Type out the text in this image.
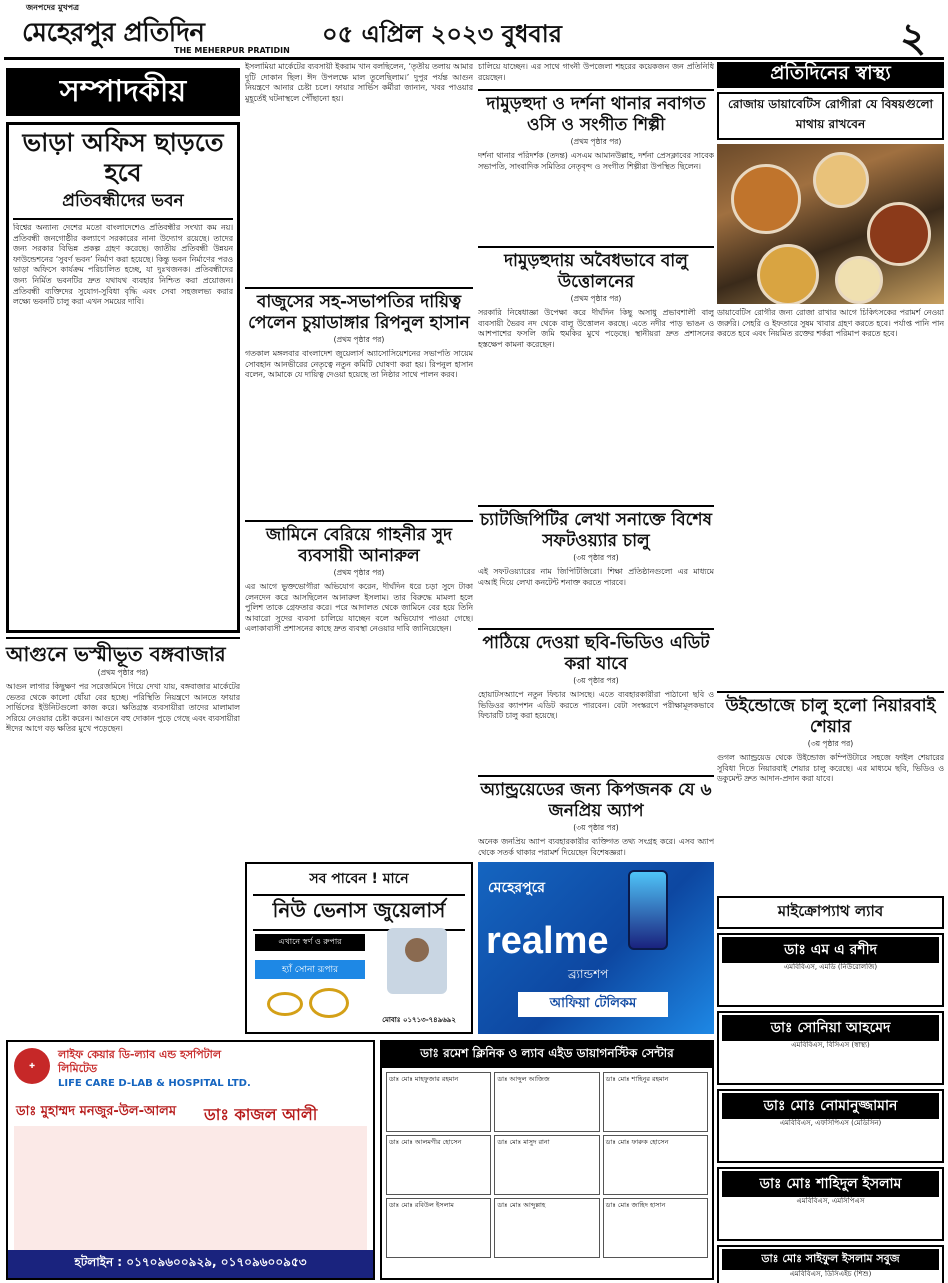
জনপদের মুখপত্র
মেহেরপুর প্রতিদিন
THE MEHERPUR PRATIDIN
০৫ এপ্রিল ২০২৩ বুধবার	২
সম্পাদকীয়
ভাড়া অফিস ছাড়তে হবে
প্রতিবন্ধীদের ভবন
বিশ্বের অন্যান্য দেশের মতো বাংলাদেশেও প্রতিবন্ধীর সংখ্যা কম নয়। প্রতিবন্ধী জনগোষ্ঠীর কল্যাণে সরকারের নানা উদ্যোগ রয়েছে। তাদের জন্য সরকার বিভিন্ন প্রকল্প গ্রহণ করেছে। জাতীয় প্রতিবন্ধী উন্নয়ন ফাউন্ডেশনের ‘সুবর্ণ ভবন’ নির্মাণ করা হয়েছে। কিন্তু ভবন নির্মাণের পরও ভাড়া অফিসে কার্যক্রম পরিচালিত হচ্ছে, যা দুঃখজনক। প্রতিবন্ধীদের জন্য নির্মিত ভবনটির দ্রুত যথাযথ ব্যবহার নিশ্চিত করা প্রয়োজন। প্রতিবন্ধী ব্যক্তিদের সুযোগ-সুবিধা বৃদ্ধি এবং সেবা সহজলভ্য করার লক্ষ্যে ভবনটি চালু করা এখন সময়ের দাবি।
আগুনে ভস্মীভূত বঙ্গবাজার
(প্রথম পৃষ্ঠার পর)
আগুন লাগার কিছুক্ষণ পর সরেজমিনে গিয়ে দেখা যায়, বঙ্গবাজার মার্কেটের ভেতর থেকে কালো ধোঁয়া বের হচ্ছে। পরিস্থিতি নিয়ন্ত্রণে আনতে ফায়ার সার্ভিসের ইউনিটগুলো কাজ করে। ক্ষতিগ্রস্ত ব্যবসায়ীরা তাদের মালামাল সরিয়ে নেওয়ার চেষ্টা করেন। আগুনে বহু দোকান পুড়ে গেছে এবং ব্যবসায়ীরা ঈদের আগে বড় ক্ষতির মুখে পড়েছেন।
ইসলামিয়া মার্কেটের ব্যবসায়ী ইকরাম খান বলছিলেন, ‘তৃতীয় তলায় আমার দুটি দোকান ছিল। ঈদ উপলক্ষে মাল তুলেছিলাম।’ দুপুর পর্যন্ত আগুন নিয়ন্ত্রণে আনার চেষ্টা চলে। ফায়ার সার্ভিস কর্মীরা জানান, খবর পাওয়ার মুহূর্তেই ঘটনাস্থলে পৌঁছানো হয়।
বাজুসের সহ-সভাপতির দায়িত্ব পেলেন চুয়াডাঙ্গার রিপনুল হাসান
(প্রথম পৃষ্ঠার পর)
গতকাল মঙ্গলবার বাংলাদেশ জুয়েলার্স অ্যাসোসিয়েশনের সভাপতি সায়েম সোবহান আনভীরের নেতৃত্বে নতুন কমিটি ঘোষণা করা হয়। রিপনুল হাসান বলেন, আমাকে যে দায়িত্ব দেওয়া হয়েছে তা নিষ্ঠার সাথে পালন করব।
জামিনে বেরিয়ে গাহনীর সুদ ব্যবসায়ী আনারুল
(প্রথম পৃষ্ঠার পর)
এর আগে ভুক্তভোগীরা অভিযোগ করেন, দীর্ঘদিন ধরে চড়া সুদে টাকা লেনদেন করে আসছিলেন আনারুল ইসলাম। তার বিরুদ্ধে মামলা হলে পুলিশ তাকে গ্রেফতার করে। পরে আদালত থেকে জামিনে বের হয়ে তিনি আবারো সুদের ব্যবসা চালিয়ে যাচ্ছেন বলে অভিযোগ পাওয়া গেছে। এলাকাবাসী প্রশাসনের কাছে দ্রুত ব্যবস্থা নেওয়ার দাবি জানিয়েছেন।
চালিয়ে যাচ্ছেন। এর সাথে গাংনী উপজেলা শহরের কয়েকজন জন প্রতিনিধি রয়েছেন।
দামুড়হুদা ও দর্শনা থানার নবাগত ওসি ও সংগীত শিল্পী
(প্রথম পৃষ্ঠার পর)
দর্শনা থানার পরিদর্শক (তদন্ত) এসএম আমানউল্লাহ, দর্শনা প্রেসক্লাবের সাবেক সভাপতি, সাংবাদিক সমিতির নেতৃবৃন্দ ও সংগীত শিল্পীরা উপস্থিত ছিলেন।
দামুড়হুদায় অবৈধভাবে বালু উত্তোলনের
(প্রথম পৃষ্ঠার পর)
সরকারি নিষেধাজ্ঞা উপেক্ষা করে দীর্ঘদিন কিছু অসাধু প্রভাবশালী বালু ব্যবসায়ী ভৈরব নদ থেকে বালু উত্তোলন করছে। এতে নদীর পাড় ভাঙন ও আশপাশের ফসলি জমি হুমকির মুখে পড়েছে। স্থানীয়রা দ্রুত প্রশাসনের হস্তক্ষেপ কামনা করেছেন।
চ্যাটজিপিটির লেখা সনাক্তে বিশেষ সফটওয়্যার চালু
(৩য় পৃষ্ঠার পর)
এই সফটওয়্যারের নাম জিপিটিজিরো। শিক্ষা প্রতিষ্ঠানগুলো এর মাধ্যমে এআই দিয়ে লেখা কনটেন্ট শনাক্ত করতে পারবে।
পাঠিয়ে দেওয়া ছবি-ভিডিও এডিট করা যাবে
(৩য় পৃষ্ঠার পর)
হোয়াটসঅ্যাপে নতুন ফিচার আসছে। এতে ব্যবহারকারীরা পাঠানো ছবি ও ভিডিওর ক্যাপশন এডিট করতে পারবেন। বেটা সংস্করণে পরীক্ষামূলকভাবে ফিচারটি চালু করা হয়েছে।
অ্যান্ড্রয়েডের জন্য কিপজনক যে ৬ জনপ্রিয় অ্যাপ
(৩য় পৃষ্ঠার পর)
অনেক জনপ্রিয় অ্যাপ ব্যবহারকারীর ব্যক্তিগত তথ্য সংগ্রহ করে। এসব অ্যাপ থেকে সতর্ক থাকার পরামর্শ দিয়েছেন বিশেষজ্ঞরা।
প্রতিদিনের স্বাস্থ্য
রোজায় ডায়াবেটিস রোগীরা যে বিষয়গুলো মাথায় রাখবেন
ডায়াবেটিস রোগীর জন্য রোজা রাখার আগে চিকিৎসকের পরামর্শ নেওয়া জরুরি। সেহরি ও ইফতারে সুষম খাবার গ্রহণ করতে হবে। পর্যাপ্ত পানি পান করতে হবে এবং নিয়মিত রক্তের শর্করা পরিমাপ করতে হবে।
উইন্ডোজে চালু হলো নিয়ারবাই শেয়ার
(৩য় পৃষ্ঠার পর)
গুগল অ্যান্ড্রয়েড থেকে উইন্ডোজ কম্পিউটারে সহজে ফাইল শেয়ারের সুবিধা দিতে নিয়ারবাই শেয়ার চালু করেছে। এর মাধ্যমে ছবি, ভিডিও ও ডকুমেন্ট দ্রুত আদান-প্রদান করা যাবে।
সব পাবেন ! মানে
নিউ ভেনাস জুয়েলার্স
এখানে স্বর্ণ ও রুপার
হ্যাঁ সোনা রূপার
মোবাঃ ০১৭১৩-৭৪৯৬৯২
মেহেরপুরে
realme
ব্র্যান্ডশপ
আফিয়া টেলিকম
✚
লাইফ কেয়ার ডি-ল্যাব এন্ড হসপিটাল লিমিটেড
LIFE CARE D-LAB & HOSPITAL LTD.
ডাঃ মুহাম্মদ মনজুর-উল-আলম	ডাঃ কাজল আলী
হটলাইন : ০১৭০৯৬০০৯২৯, ০১৭০৯৬০০৯৫৩
ডাঃ রমেশ ক্লিনিক ও ল্যাব এইড ডায়াগনস্টিক সেন্টার
ডাঃ মোঃ মাহফুজার রহমান	ডাঃ আব্দুল আজিজ	ডাঃ মোঃ শাহিনুর রহমান
ডাঃ মোঃ আলমগীর হোসেন	ডাঃ মোঃ মাসুদ রানা	ডাঃ মোঃ ফারুক হোসেন
ডাঃ মোঃ রবিউল ইসলাম	ডাঃ মোঃ আব্দুল্লাহ	ডাঃ মোঃ জাহিদ হাসান
মাইক্রোপ্যাথ ল্যাব
ডাঃ এম এ রশীদ
এমবিবিএস, এমডি (নিউরোলজি)
ডাঃ সোনিয়া আহমেদ
এমবিবিএস, বিসিএস (স্বাস্থ্য)
ডাঃ মোঃ নোমানুজ্জামান
এমবিবিএস, এফসিপিএস (মেডিসিন)
ডাঃ মোঃ শাহিদুল ইসলাম
এমবিবিএস, এমসিপিএস
ডাঃ মোঃ সাইফুল ইসলাম সবুজ
এমবিবিএস, ডিসিএইচ (শিশু)
